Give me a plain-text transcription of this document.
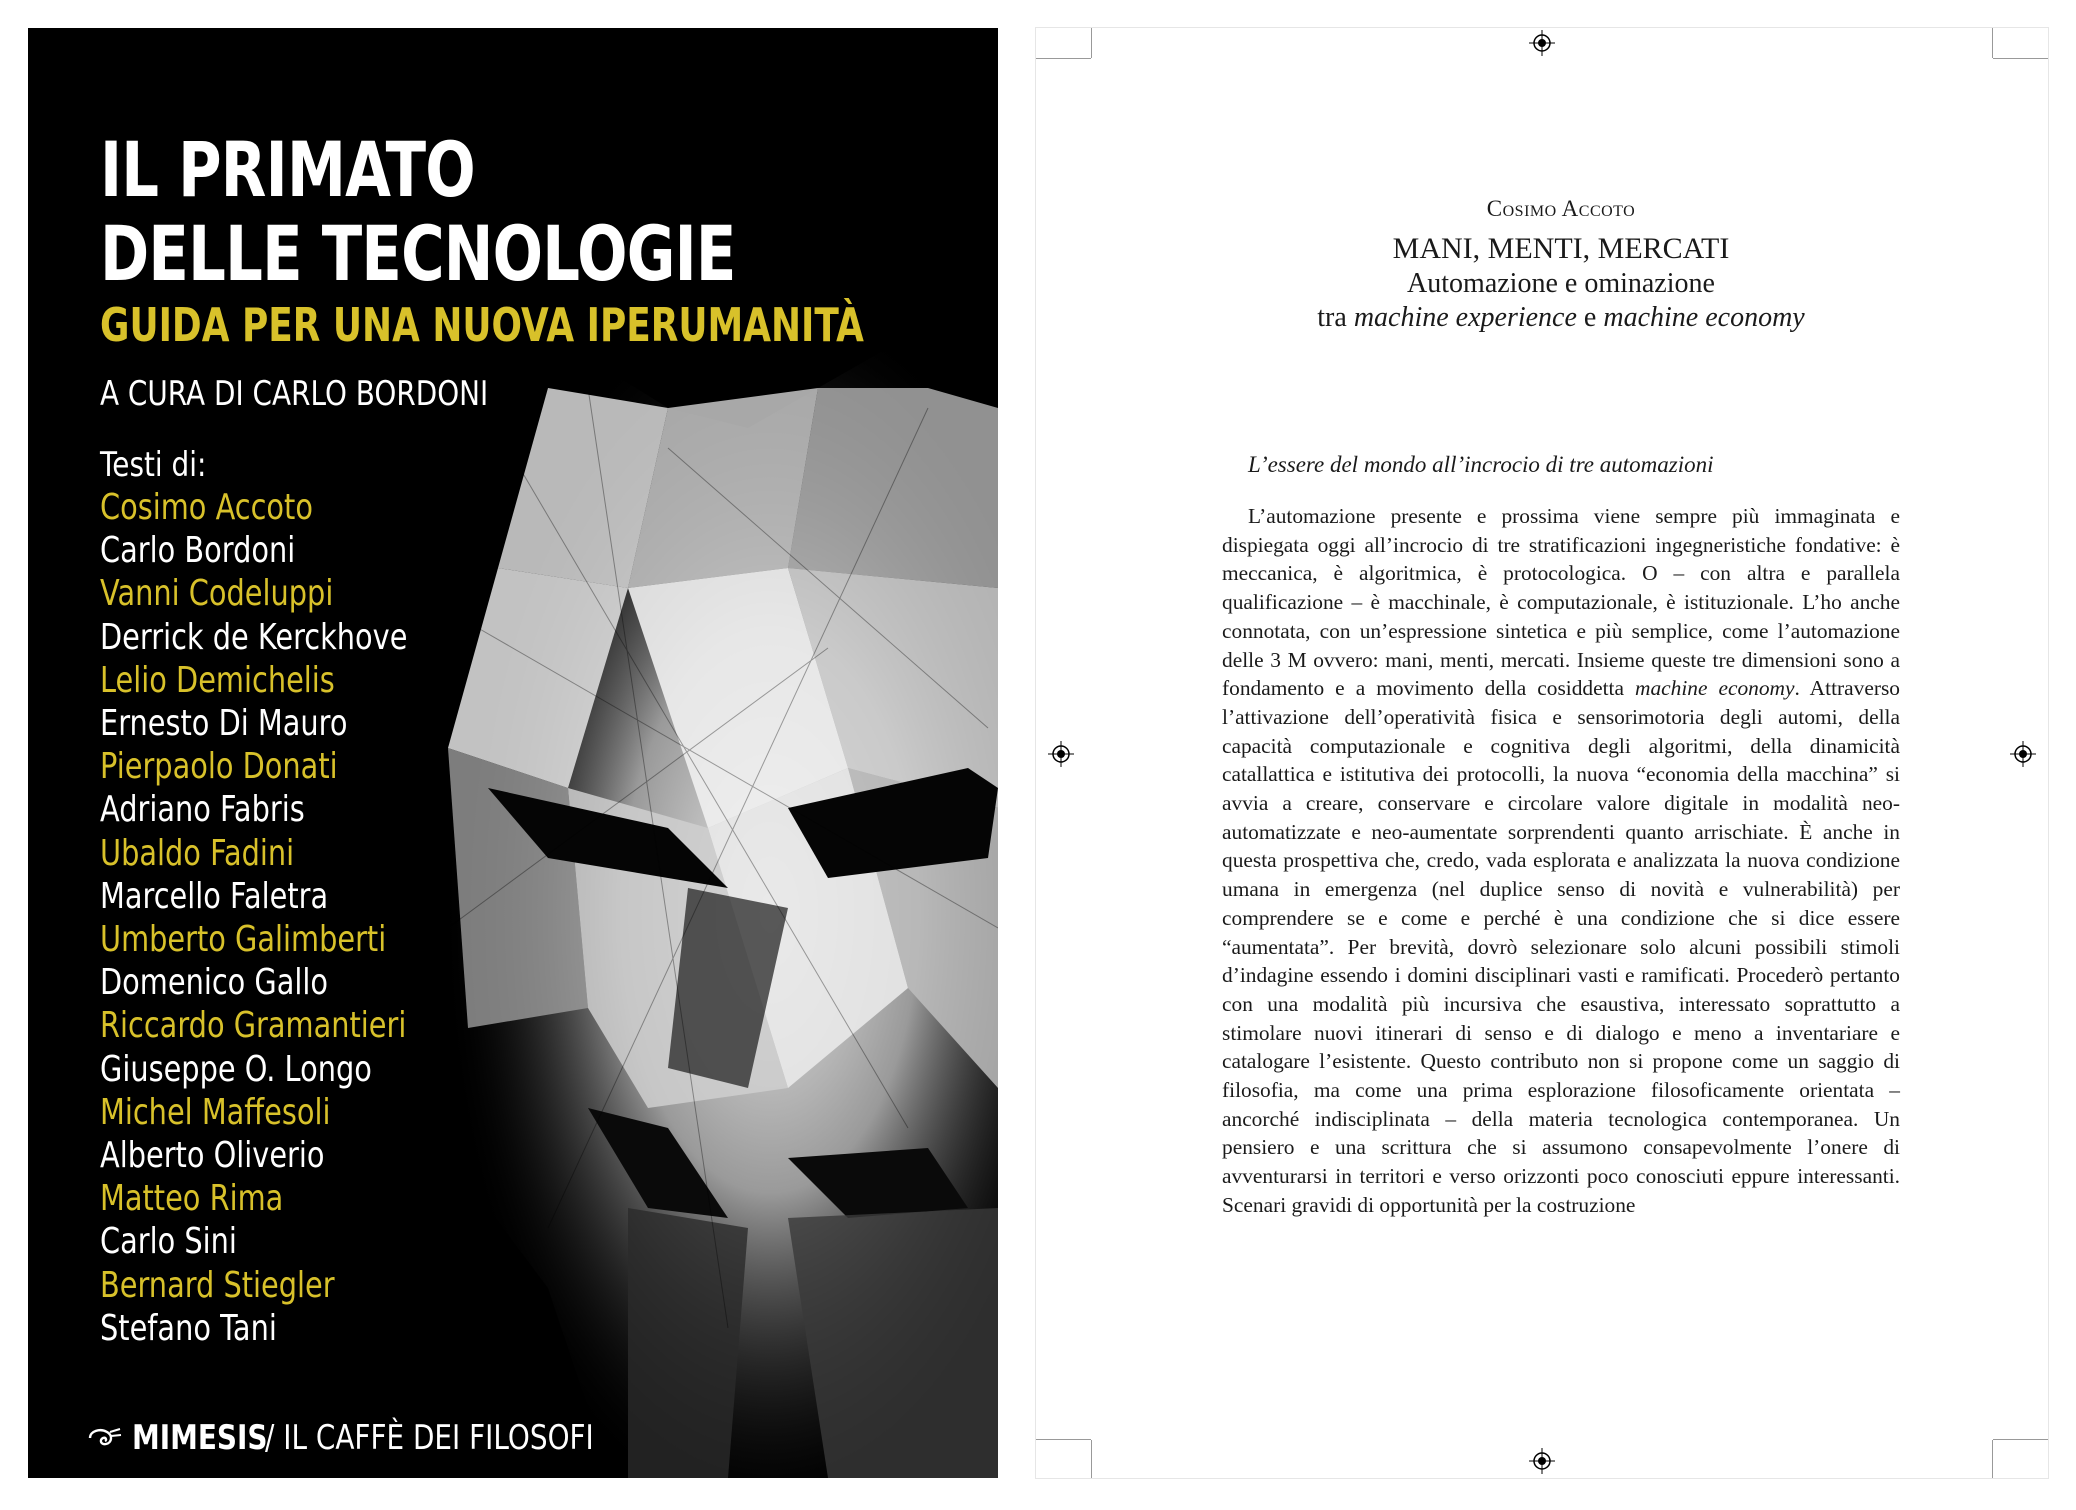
IL PRIMATO
DELLE TECNOLOGIE
GUIDA PER UNA NUOVA IPERUMANITÀ
A CURA DI CARLO BORDONI
Testi di:
Cosimo Accoto
Carlo Bordoni
Vanni Codeluppi
Derrick de Kerckhove
Lelio Demichelis
Ernesto Di Mauro
Pierpaolo Donati
Adriano Fabris
Ubaldo Fadini
Marcello Faletra
Umberto Galimberti
Domenico Gallo
Riccardo Gramantieri
Giuseppe O. Longo
Michel Maffesoli
Alberto Oliverio
Matteo Rima
Carlo Sini
Bernard Stiegler
Stefano Tani
MIMESIS
/ IL CAFFÈ DEI FILOSOFI
Cosimo Accoto
MANI, MENTI, MERCATI
Automazione e ominazione
tra machine experience e machine economy
L’essere del mondo all’incrocio di tre automazioni

L’automazione presente e prossima viene sempre più immaginata e dispiegata oggi all’incrocio di tre stratificazioni ingegneristiche fondative: è meccanica, è algoritmica, è protocologica. O – con altra e parallela qualificazione – è macchinale, è computazionale, è istituzionale. L’ho anche connotata, con un’espressione sintetica e più semplice, come l’automazione delle 3 M ovvero: mani, menti, mercati. Insieme queste tre dimensioni sono a fondamento e a movimento della cosiddetta machine economy. Attraverso l’attivazione dell’operatività fisica e sensorimotoria degli automi, della capacità computazionale e cognitiva degli algoritmi, della dinamicità catallattica e istitutiva dei protocolli, la nuova “economia della macchina” si avvia a creare, conservare e circolare valore digitale in modalità neo-automatizzate e neo-aumentate sorprendenti quanto arrischiate. È anche in questa prospettiva che, credo, vada esplorata e analizzata la nuova condizione umana in emergenza (nel duplice senso di novità e vulnerabilità) per comprendere se e come e perché è una condizione che si dice essere “aumentata”. Per brevità, dovrò selezionare solo alcuni possibili stimoli d’indagine essendo i domini disciplinari vasti e ramificati. Procederò pertanto con una modalità più incursiva che esaustiva, interessato soprattutto a stimolare nuovi itinerari di senso e di dialogo e meno a inventariare e catalogare l’esistente. Questo contributo non si propone come un saggio di filosofia, ma come una prima esplorazione filosoficamente orientata – ancorché indisciplinata – della materia tecnologica contemporanea. Un pensiero e una scrittura che si assumono consapevolmente l’onere di avventurarsi in territori e verso orizzonti poco conosciuti eppure interessanti. Scenari gravidi di opportunità per la costruzione
